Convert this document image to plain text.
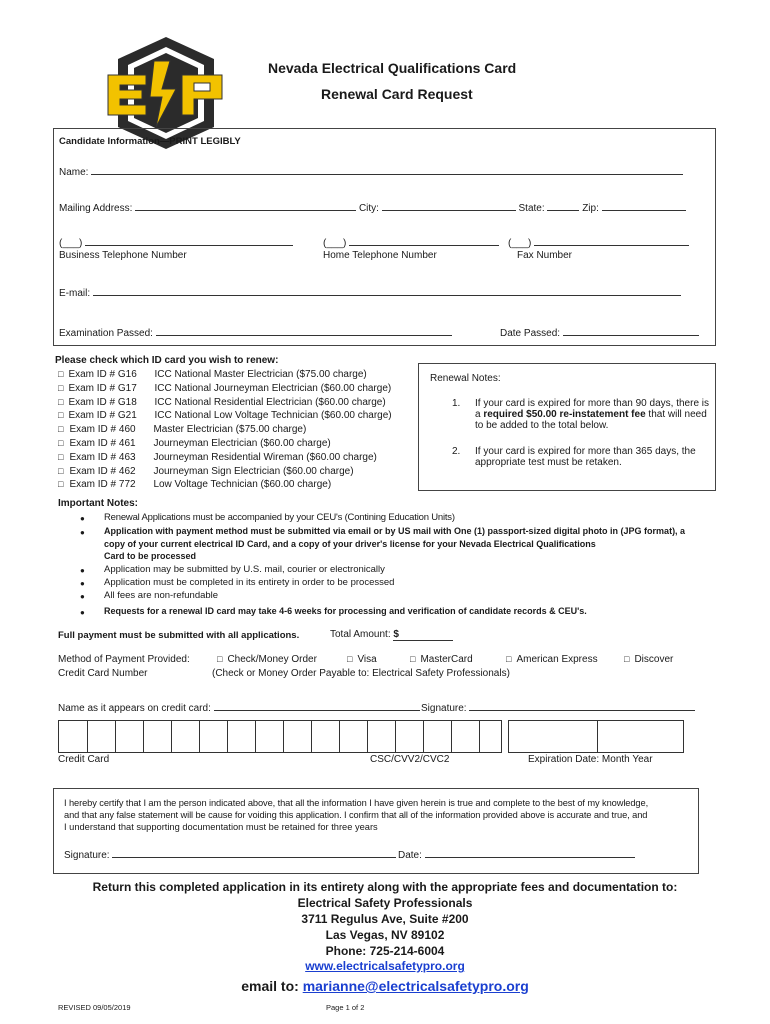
Nevada Electrical Qualifications Card
Renewal Card Request
Candidate Information—PRINT LEGIBLY
Name:
Mailing Address:	City:	State:	Zip:
(___)	(___)	(___)
Business Telephone Number	Home Telephone Number	Fax Number
E-mail:
Examination Passed:	Date Passed:
Please check which ID card you wish to renew:
□ Exam ID # G16 ICC National Master Electrician ($75.00 charge)
□ Exam ID # G17 ICC National Journeyman Electrician ($60.00 charge)
□ Exam ID # G18 ICC National Residential Electrician ($60.00 charge)
□ Exam ID # G21 ICC National Low Voltage Technician ($60.00 charge)
□ Exam ID # 460 Master Electrician ($75.00 charge)
□ Exam ID # 461 Journeyman Electrician ($60.00 charge)
□ Exam ID # 463 Journeyman Residential Wireman ($60.00 charge)
□ Exam ID # 462 Journeyman Sign Electrician ($60.00 charge)
□ Exam ID # 772 Low Voltage Technician ($60.00 charge)
Renewal Notes:
1. If your card is expired for more than 90 days, there is
a required $50.00 re-instatement fee that will need
to be added to the total below.
2. If your card is expired for more than 365 days, the
appropriate test must be retaken.
Important Notes:
● Renewal Applications must be accompanied by your CEU's (Contining Education Units)
● Application with payment method must be submitted via email or by US mail with One (1) passport-sized digital photo in (JPG format), a
copy of your current electrical ID Card, and a copy of your driver's license for your Nevada Electrical Qualifications
Card to be processed
● Application may be submitted by U.S. mail, courier or electronically
● Application must be completed in its entirety in order to be processed
● All fees are non-refundable
● Requests for a renewal ID card may take 4-6 weeks for processing and verification of candidate records & CEU's.
Full payment must be submitted with all applications.	Total Amount: $
Method of Payment Provided:
Credit Card Number
□ Check/Money Order	□ Visa	□ MasterCard	□ American Express	□ Discover
(Check or Money Order Payable to: Electrical Safety Professionals)
Name as it appears on credit card:	Signature:
Credit Card	CSC/CVV2/CVC2	Expiration Date: Month Year
I hereby certify that I am the person indicated above, that all the information I have given herein is true and complete to the best of my knowledge,
and that any false statement will be cause for voiding this application. I confirm that all of the information provided above is accurate and true, and
I understand that supporting documentation must be retained for three years
Signature:	Date:
Return this completed application in its entirety along with the appropriate fees and documentation to:
Electrical Safety Professionals
3711 Regulus Ave, Suite #200
Las Vegas, NV 89102
Phone: 725-214-6004
www.electricalsafetypro.org
email to: marianne@electricalsafetypro.org
REVISED 09/05/2019	Page 1 of 2
